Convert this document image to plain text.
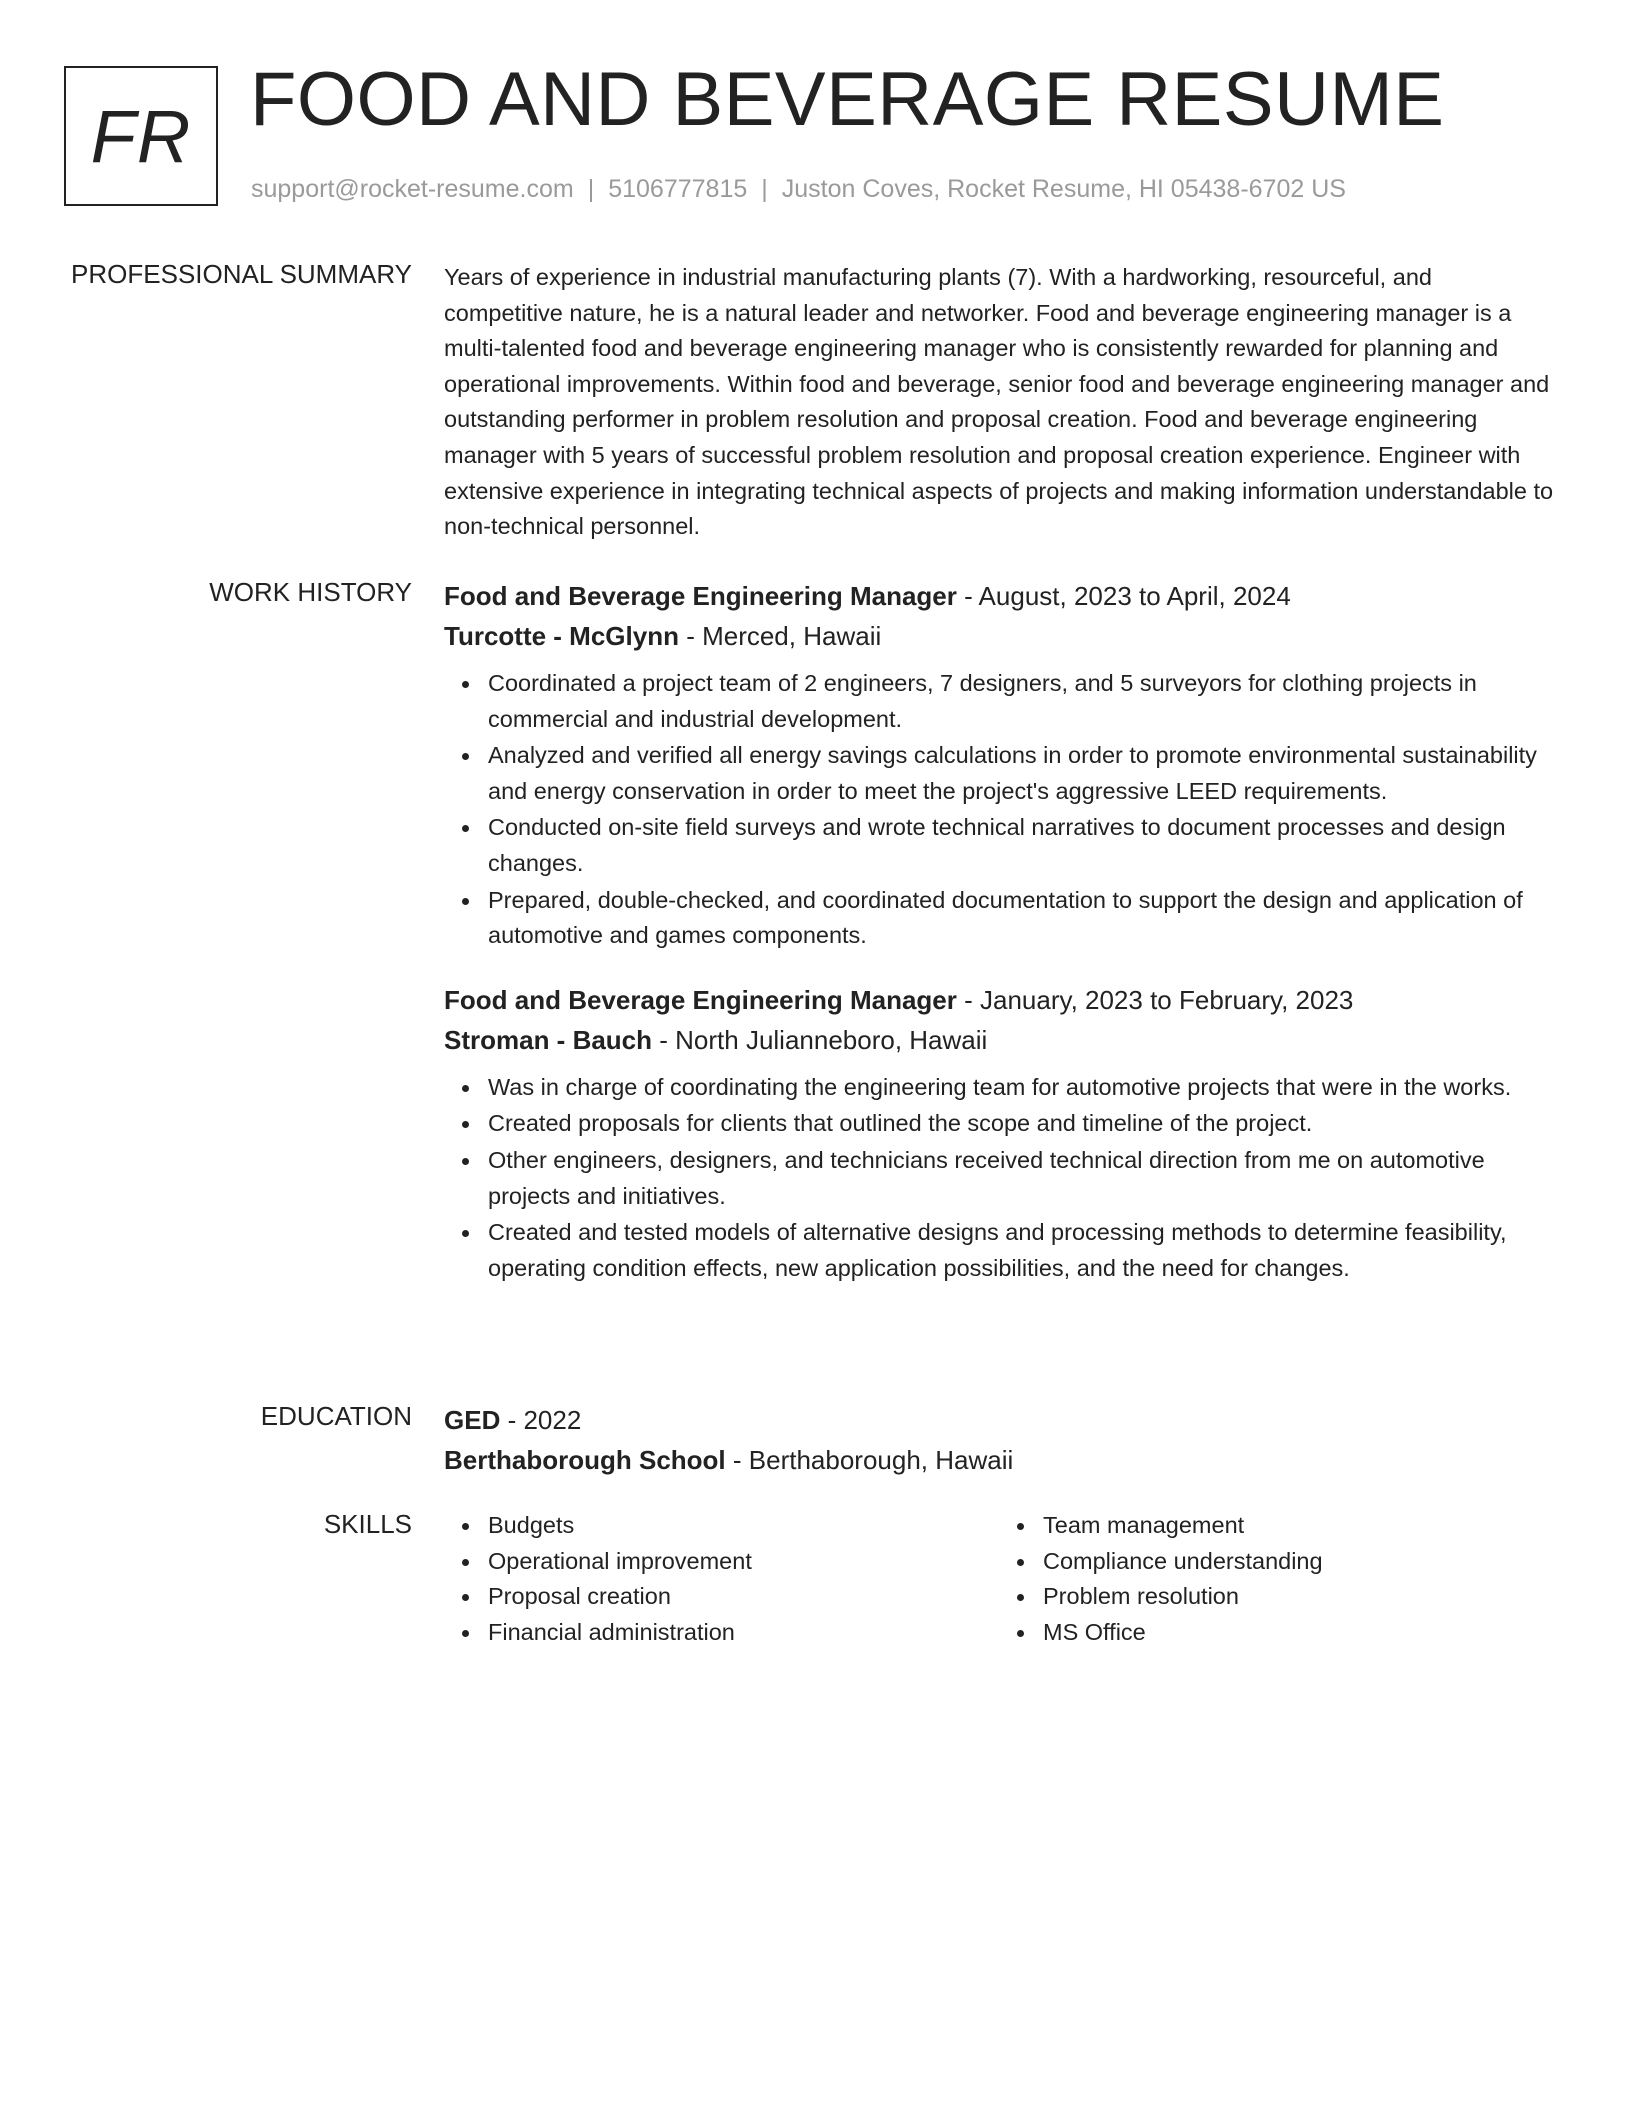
FR FOOD AND BEVERAGE RESUME
support@rocket-resume.com | 5106777815 | Juston Coves, Rocket Resume, HI 05438-6702 US
PROFESSIONAL SUMMARY Years of experience in industrial manufacturing plants (7). With a hardworking, resourceful, and competitive nature, he is a natural leader and networker. Food and beverage engineering manager is a multi-talented food and beverage engineering manager who is consistently rewarded for planning and operational improvements. Within food and beverage, senior food and beverage engineering manager and outstanding performer in problem resolution and proposal creation. Food and beverage engineering manager with 5 years of successful problem resolution and proposal creation experience. Engineer with extensive experience in integrating technical aspects of projects and making information understandable to non-technical personnel.

WORK HISTORY Food and Beverage Engineering Manager - August, 2023 to April, 2024

Turcotte - McGlynn - Merced, Hawaii

Coordinated a project team of 2 engineers, 7 designers, and 5 surveyors for clothing projects in commercial and industrial development.
Analyzed and verified all energy savings calculations in order to promote environmental sustainability and energy conservation in order to meet the project's aggressive LEED requirements.
Conducted on-site field surveys and wrote technical narratives to document processes and design changes.
Prepared, double-checked, and coordinated documentation to support the design and application of automotive and games components.

Food and Beverage Engineering Manager - January, 2023 to February, 2023

Stroman - Bauch - North Julianneboro, Hawaii

Was in charge of coordinating the engineering team for automotive projects that were in the works.
Created proposals for clients that outlined the scope and timeline of the project.
Other engineers, designers, and technicians received technical direction from me on automotive projects and initiatives.
Created and tested models of alternative designs and processing methods to determine feasibility, operating condition effects, new application possibilities, and the need for changes.
EDUCATION GED - 2022

Berthaborough School - Berthaborough, Hawaii

SKILLS	Budgets
Operational improvement
Proposal creation
Financial administration
Team management
Compliance understanding
Problem resolution
MS Office
